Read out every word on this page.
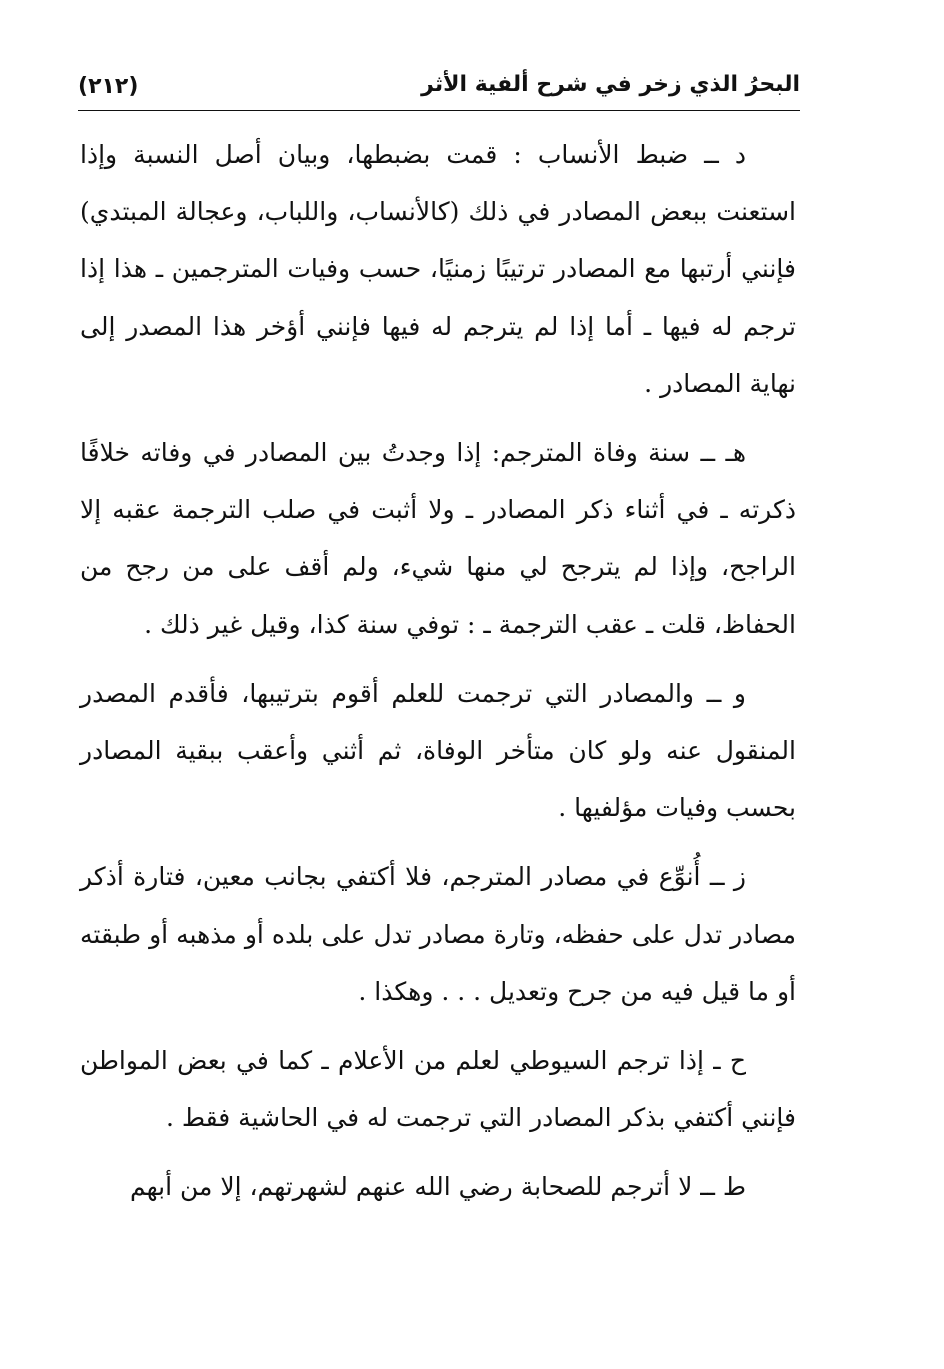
البحرُ الذي زخر في شرح ألفية الأثر
(٢١٢)

د ــ ضبط الأنساب : قمت بضبطها، وبيان أصل النسبة وإذا استعنت ببعض المصادر في ذلك (كالأنساب، واللباب، وعجالة المبتدي) فإنني أرتبها مع المصادر ترتيبًا زمنيًا، حسب وفيات المترجمين ـ هذا إذا ترجم له فيها ـ أما إذا لم يترجم له فيها فإنني أؤخر هذا المصدر إلى نهاية المصادر .

هـ ــ سنة وفاة المترجم: إذا وجدتُ بين المصادر في وفاته خلافًا ذكرته ـ في أثناء ذكر المصادر ـ ولا أثبت في صلب الترجمة عقبه إلا الراجح، وإذا لم يترجح لي منها شيء، ولم أقف على من رجح من الحفاظ، قلت ـ عقب الترجمة ـ : توفي سنة كذا، وقيل غير ذلك .

و ــ والمصادر التي ترجمت للعلم أقوم بترتيبها، فأقدم المصدر المنقول عنه ولو كان متأخر الوفاة، ثم أثني وأعقب ببقية المصادر بحسب وفيات مؤلفيها .

ز ــ أُنوِّع في مصادر المترجم، فلا أكتفي بجانب معين، فتارة أذكر مصادر تدل على حفظه، وتارة مصادر تدل على بلده أو مذهبه أو طبقته أو ما قيل فيه من جرح وتعديل . . . وهكذا .

ح ـ إذا ترجم السيوطي لعلم من الأعلام ـ كما في بعض المواطن فإنني أكتفي بذكر المصادر التي ترجمت له في الحاشية فقط .

ط ــ لا أترجم للصحابة رضي الله عنهم لشهرتهم، إلا من أبهم
